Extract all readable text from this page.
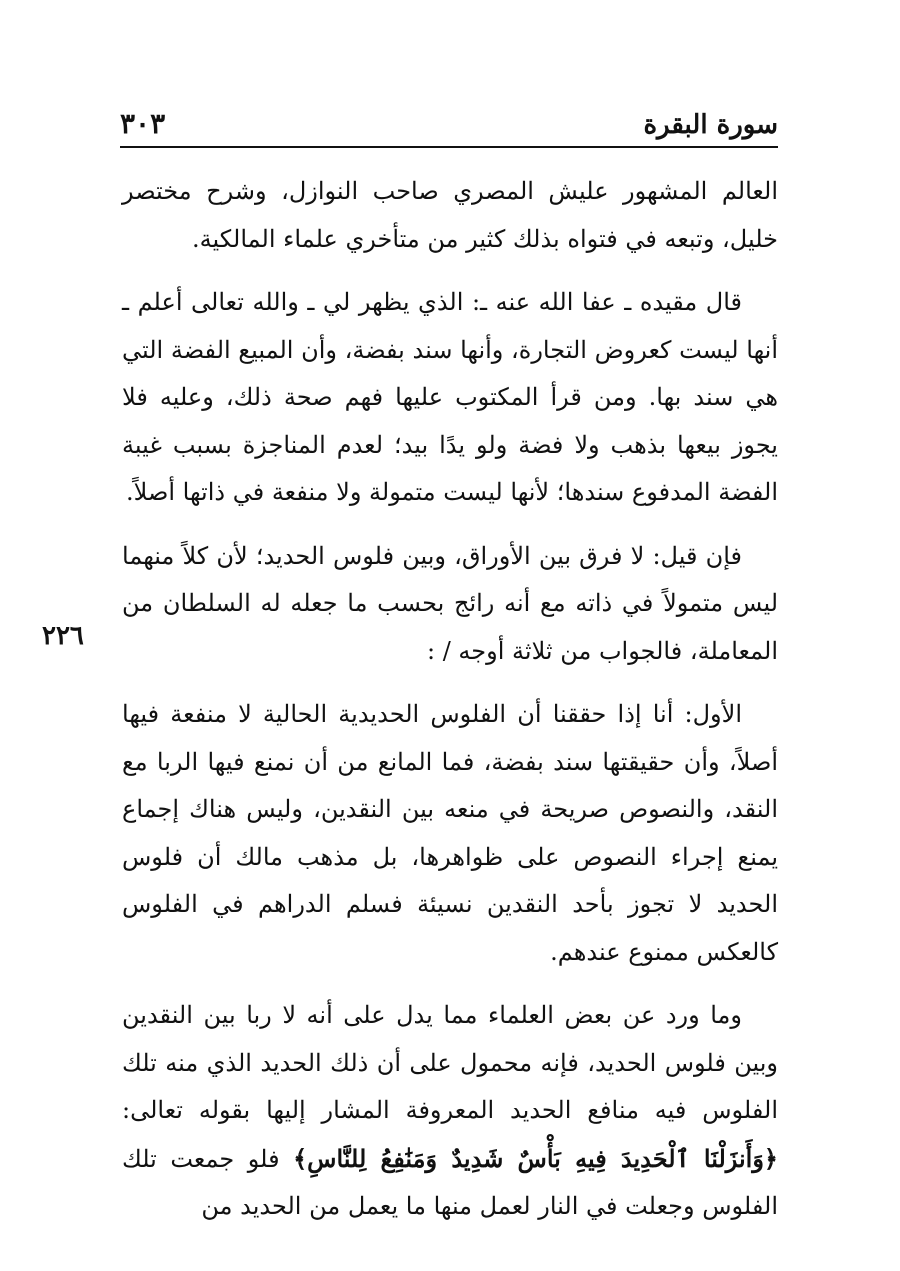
سورة البقرة
٣٠٣
٢٢٦

العالم المشهور عليش المصري صاحب النوازل، وشرح مختصر خليل، وتبعه في فتواه بذلك كثير من متأخري علماء المالكية.

قال مقيده ـ عفا الله عنه ـ: الذي يظهر لي ـ والله تعالى أعلم ـ أنها ليست كعروض التجارة، وأنها سند بفضة، وأن المبيع الفضة التي هي سند بها. ومن قرأ المكتوب عليها فهم صحة ذلك، وعليه فلا يجوز بيعها بذهب ولا فضة ولو يدًا بيد؛ لعدم المناجزة بسبب غيبة الفضة المدفوع سندها؛ لأنها ليست متمولة ولا منفعة في ذاتها أصلاً.

فإن قيل: لا فرق بين الأوراق، وبين فلوس الحديد؛ لأن كلاً منهما ليس متمولاً في ذاته مع أنه رائج بحسب ما جعله له السلطان من المعاملة، فالجواب من ثلاثة أوجه / :

الأول: أنا إذا حققنا أن الفلوس الحديدية الحالية لا منفعة فيها أصلاً، وأن حقيقتها سند بفضة، فما المانع من أن نمنع فيها الربا مع النقد، والنصوص صريحة في منعه بين النقدين، وليس هناك إجماع يمنع إجراء النصوص على ظواهرها، بل مذهب مالك أن فلوس الحديد لا تجوز بأحد النقدين نسيئة فسلم الدراهم في الفلوس كالعكس ممنوع عندهم.

وما ورد عن بعض العلماء مما يدل على أنه لا ربا بين النقدين وبين فلوس الحديد، فإنه محمول على أن ذلك الحديد الذي منه تلك الفلوس فيه منافع الحديد المعروفة المشار إليها بقوله تعالى: ﴿وَأَنزَلْنَا ٱلْحَدِيدَ فِيهِ بَأْسٌ شَدِيدٌ وَمَنَٰفِعُ لِلنَّاسِ﴾ فلو جمعت تلك الفلوس وجعلت في النار لعمل منها ما يعمل من الحديد من
